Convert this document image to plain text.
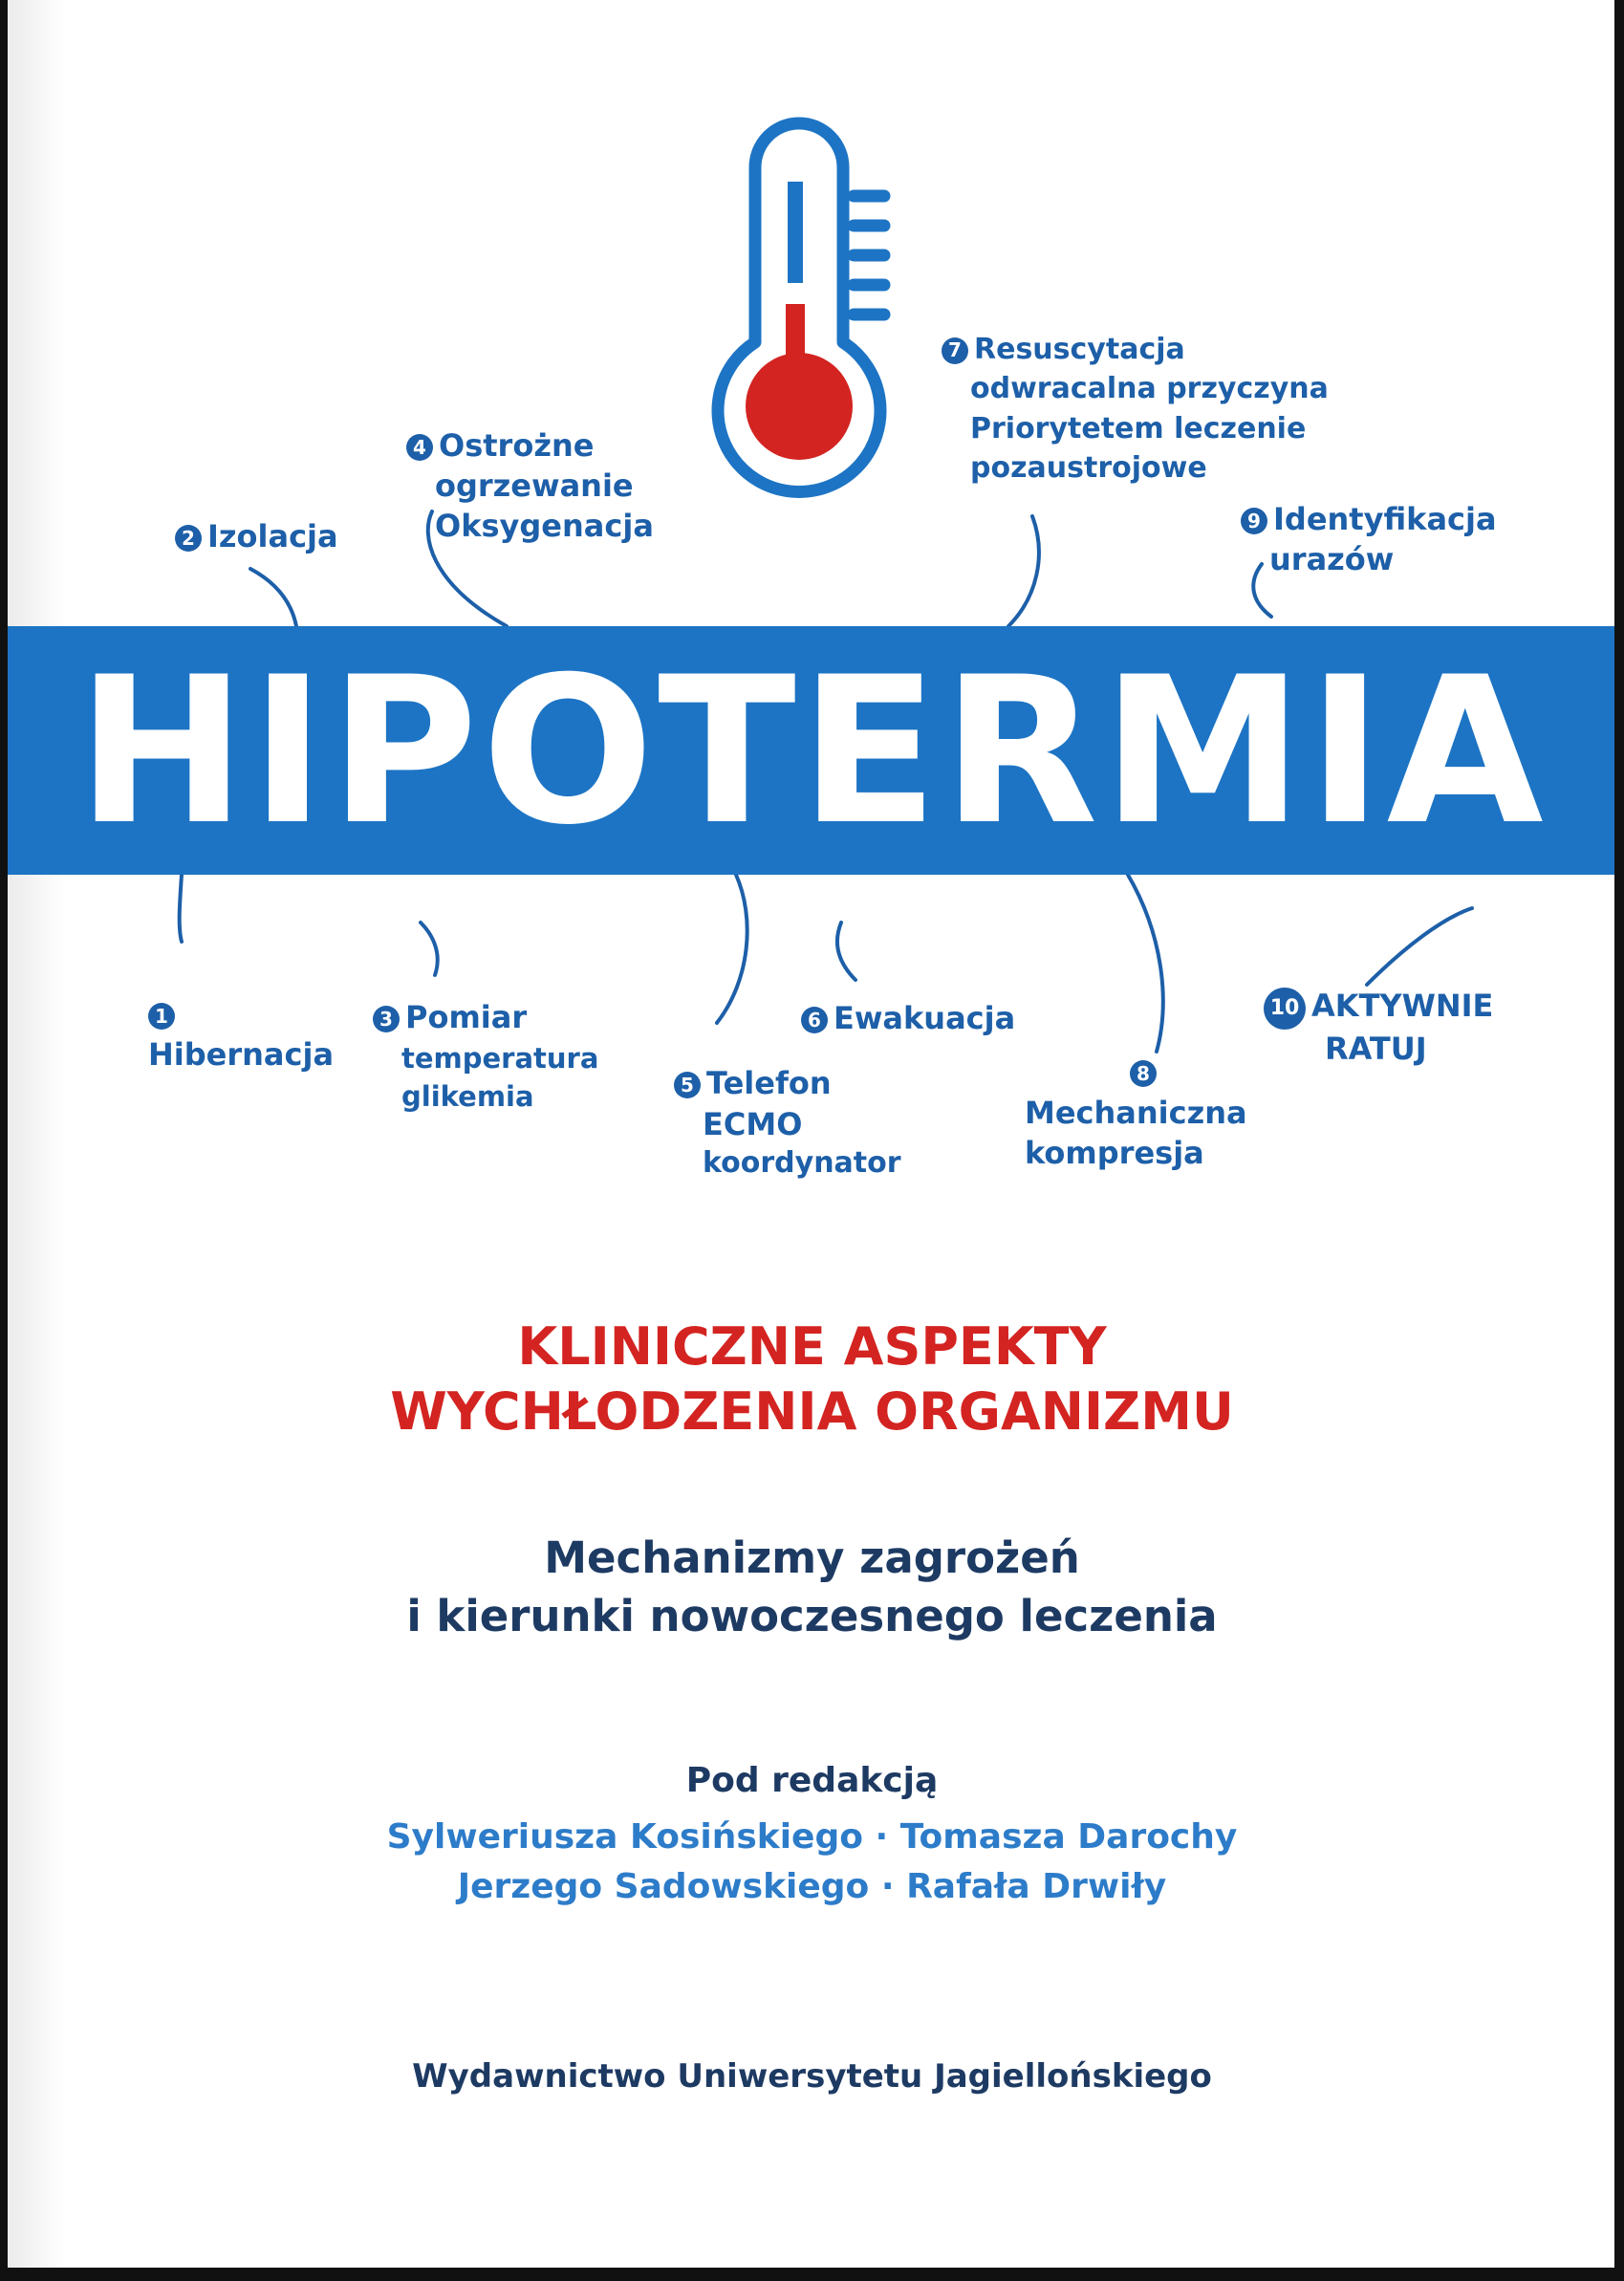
HIPOTERMIA
2 Izolacja
4 Ostrożne
ogrzewanie
Oksygenacja
7 Resuscytacja
odwracalna przyczyna
Priorytetem leczenie
pozaustrojowe
9 Identyfikacja
urazów
1
Hibernacja
3 Pomiar
temperatura
glikemia	5 Telefon
ECMO
koordynator
6 Ewakuacja
8
Mechaniczna
kompresja
10 AKTYWNIE
RATUJ
KLINICZNE ASPEKTY
WYCHŁODZENIA ORGANIZMU
Mechanizmy zagrożeń
i kierunki nowoczesnego leczenia
Pod redakcją
Sylweriusza Kosińskiego · Tomasza Darochy
Jerzego Sadowskiego · Rafała Drwiły
Wydawnictwo Uniwersytetu Jagiellońskiego
